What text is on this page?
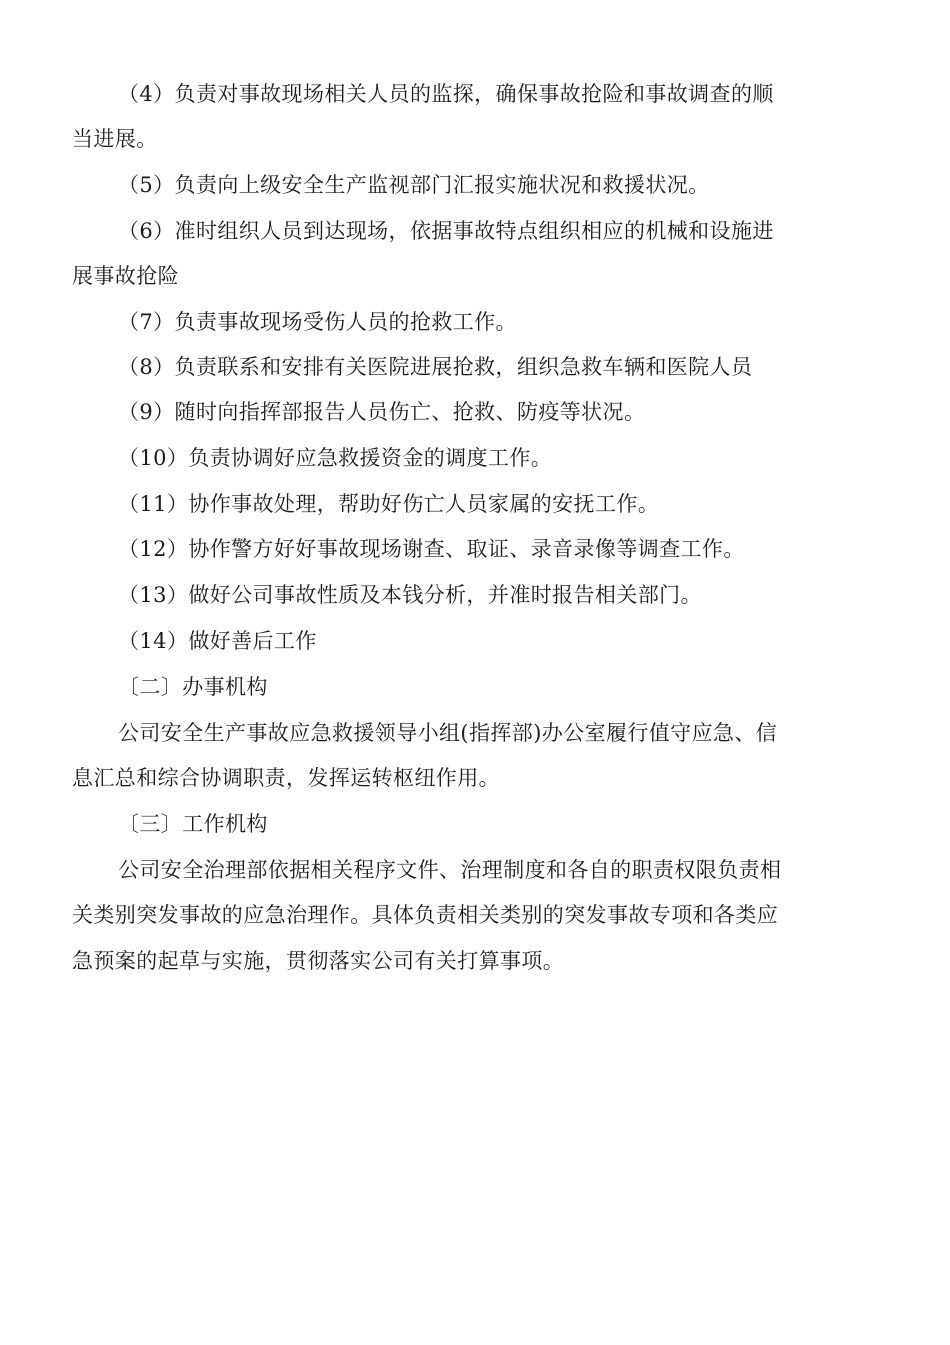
（4）负责对事故现场相关人员的监探，确保事故抢险和事故调查的顺
当进展。
（5）负责向上级安全生产监视部门汇报实施状况和救援状况。
（6）准时组织人员到达现场，依据事故特点组织相应的机械和设施进
展事故抢险
（7）负责事故现场受伤人员的抢救工作。
（8）负责联系和安排有关医院进展抢救，组织急救车辆和医院人员
（9）随时向指挥部报告人员伤亡、抢救、防疫等状况。
（10）负责协调好应急救援资金的调度工作。
（11）协作事故处理，帮助好伤亡人员家属的安抚工作。
（12）协作警方好好事故现场谢查、取证、录音录像等调查工作。
（13）做好公司事故性质及本钱分析，并准时报告相关部门。
（14）做好善后工作
〔二〕办事机构
公司安全生产事故应急救援领导小组(指挥部)办公室履行值守应急、信
息汇总和综合协调职责，发挥运转枢纽作用。
〔三〕工作机构
公司安全治理部依据相关程序文件、治理制度和各自的职责权限负责相
关类别突发事故的应急治理作。具体负责相关类别的突发事故专项和各类应
急预案的起草与实施，贯彻落实公司有关打算事项。
